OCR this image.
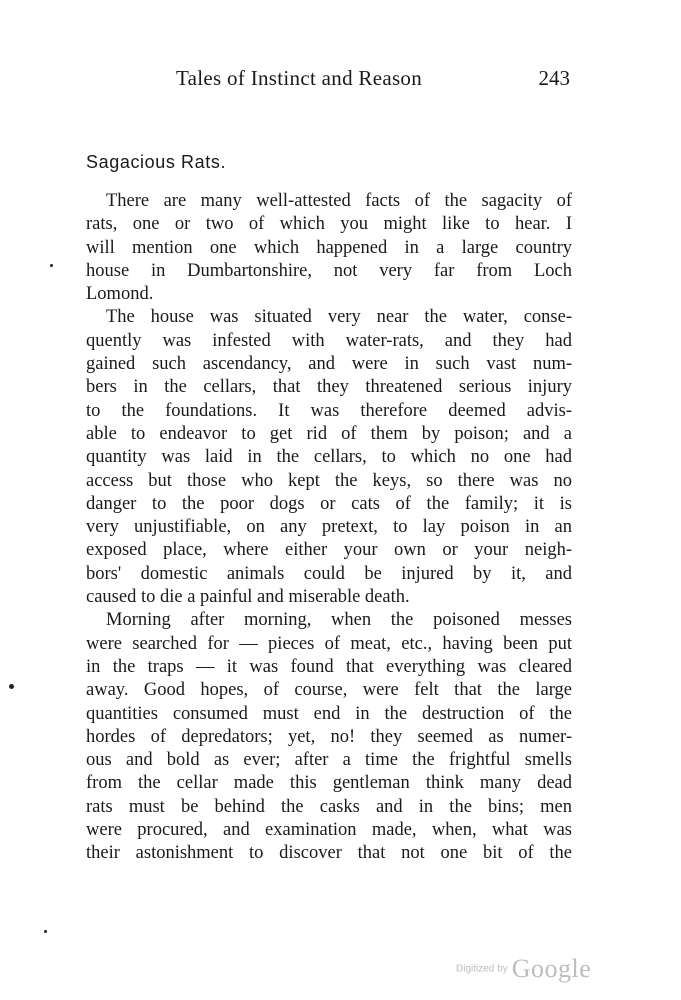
Tales of Instinct and Reason	243
Sagacious Rats.
There are many well-attested facts of the sagacity of
rats, one or two of which you might like to hear. I
will mention one which happened in a large country
house in Dumbartonshire, not very far from Loch
Lomond.
The house was situated very near the water, conse-
quently was infested with water-rats, and they had
gained such ascendancy, and were in such vast num-
bers in the cellars, that they threatened serious injury
to the foundations. It was therefore deemed advis-
able to endeavor to get rid of them by poison; and a
quantity was laid in the cellars, to which no one had
access but those who kept the keys, so there was no
danger to the poor dogs or cats of the family; it is
very unjustifiable, on any pretext, to lay poison in an
exposed place, where either your own or your neigh-
bors' domestic animals could be injured by it, and
caused to die a painful and miserable death.
Morning after morning, when the poisoned messes
were searched for — pieces of meat, etc., having been put
in the traps — it was found that everything was cleared
away. Good hopes, of course, were felt that the large
quantities consumed must end in the destruction of the
hordes of depredators; yet, no! they seemed as numer-
ous and bold as ever; after a time the frightful smells
from the cellar made this gentleman think many dead
rats must be behind the casks and in the bins; men
were procured, and examination made, when, what was
their astonishment to discover that not one bit of the
Digitized by Google
